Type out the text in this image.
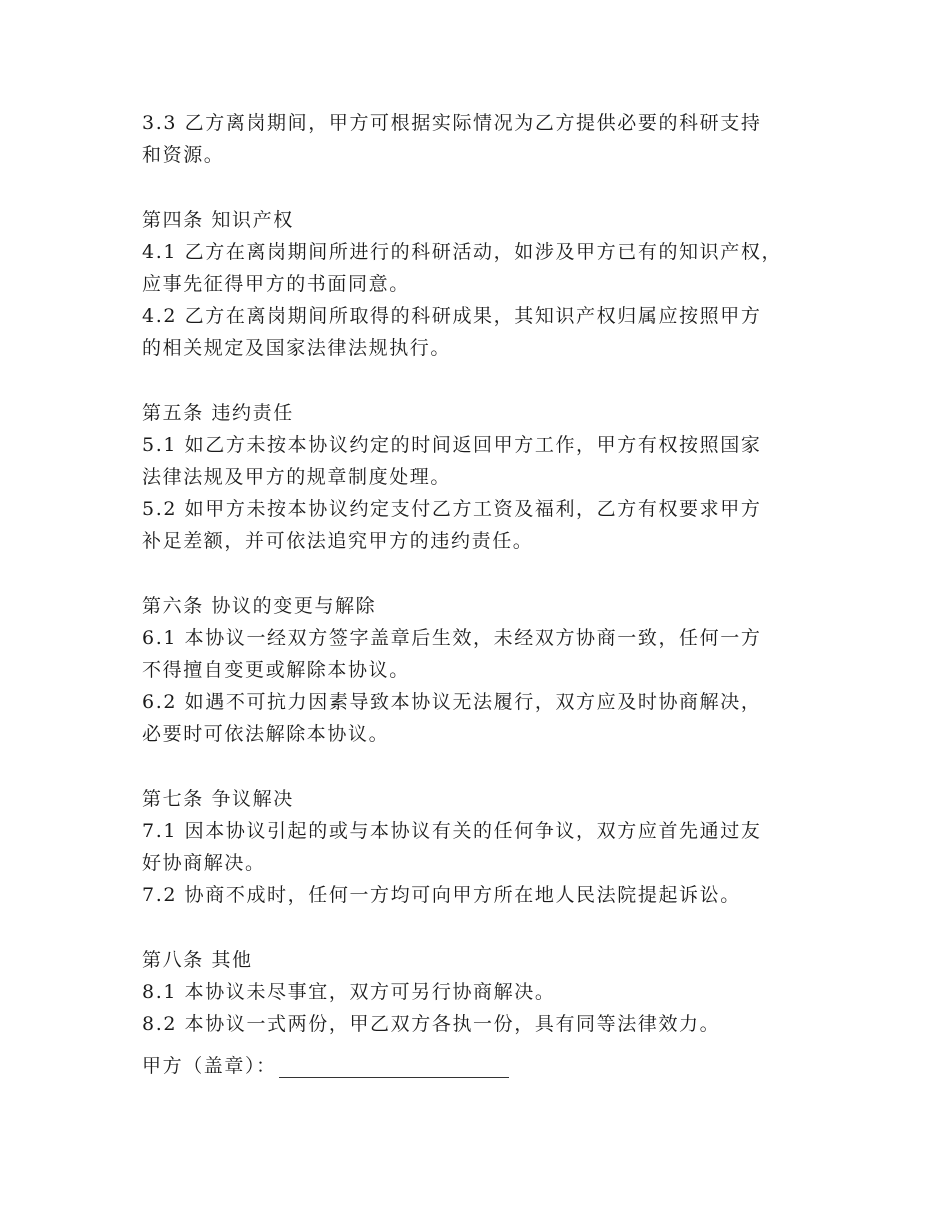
3.3 乙方离岗期间，甲方可根据实际情况为乙方提供必要的科研支持
和资源。
第四条 知识产权
4.1 乙方在离岗期间所进行的科研活动，如涉及甲方已有的知识产权，
应事先征得甲方的书面同意。
4.2 乙方在离岗期间所取得的科研成果，其知识产权归属应按照甲方
的相关规定及国家法律法规执行。
第五条 违约责任
5.1 如乙方未按本协议约定的时间返回甲方工作，甲方有权按照国家
法律法规及甲方的规章制度处理。
5.2 如甲方未按本协议约定支付乙方工资及福利，乙方有权要求甲方
补足差额，并可依法追究甲方的违约责任。
第六条 协议的变更与解除
6.1 本协议一经双方签字盖章后生效，未经双方协商一致，任何一方
不得擅自变更或解除本协议。
6.2 如遇不可抗力因素导致本协议无法履行，双方应及时协商解决，
必要时可依法解除本协议。
第七条 争议解决
7.1 因本协议引起的或与本协议有关的任何争议，双方应首先通过友
好协商解决。
7.2 协商不成时，任何一方均可向甲方所在地人民法院提起诉讼。
第八条 其他
8.1 本协议未尽事宜，双方可另行协商解决。
8.2 本协议一式两份，甲乙双方各执一份，具有同等法律效力。
甲方（盖章）：
